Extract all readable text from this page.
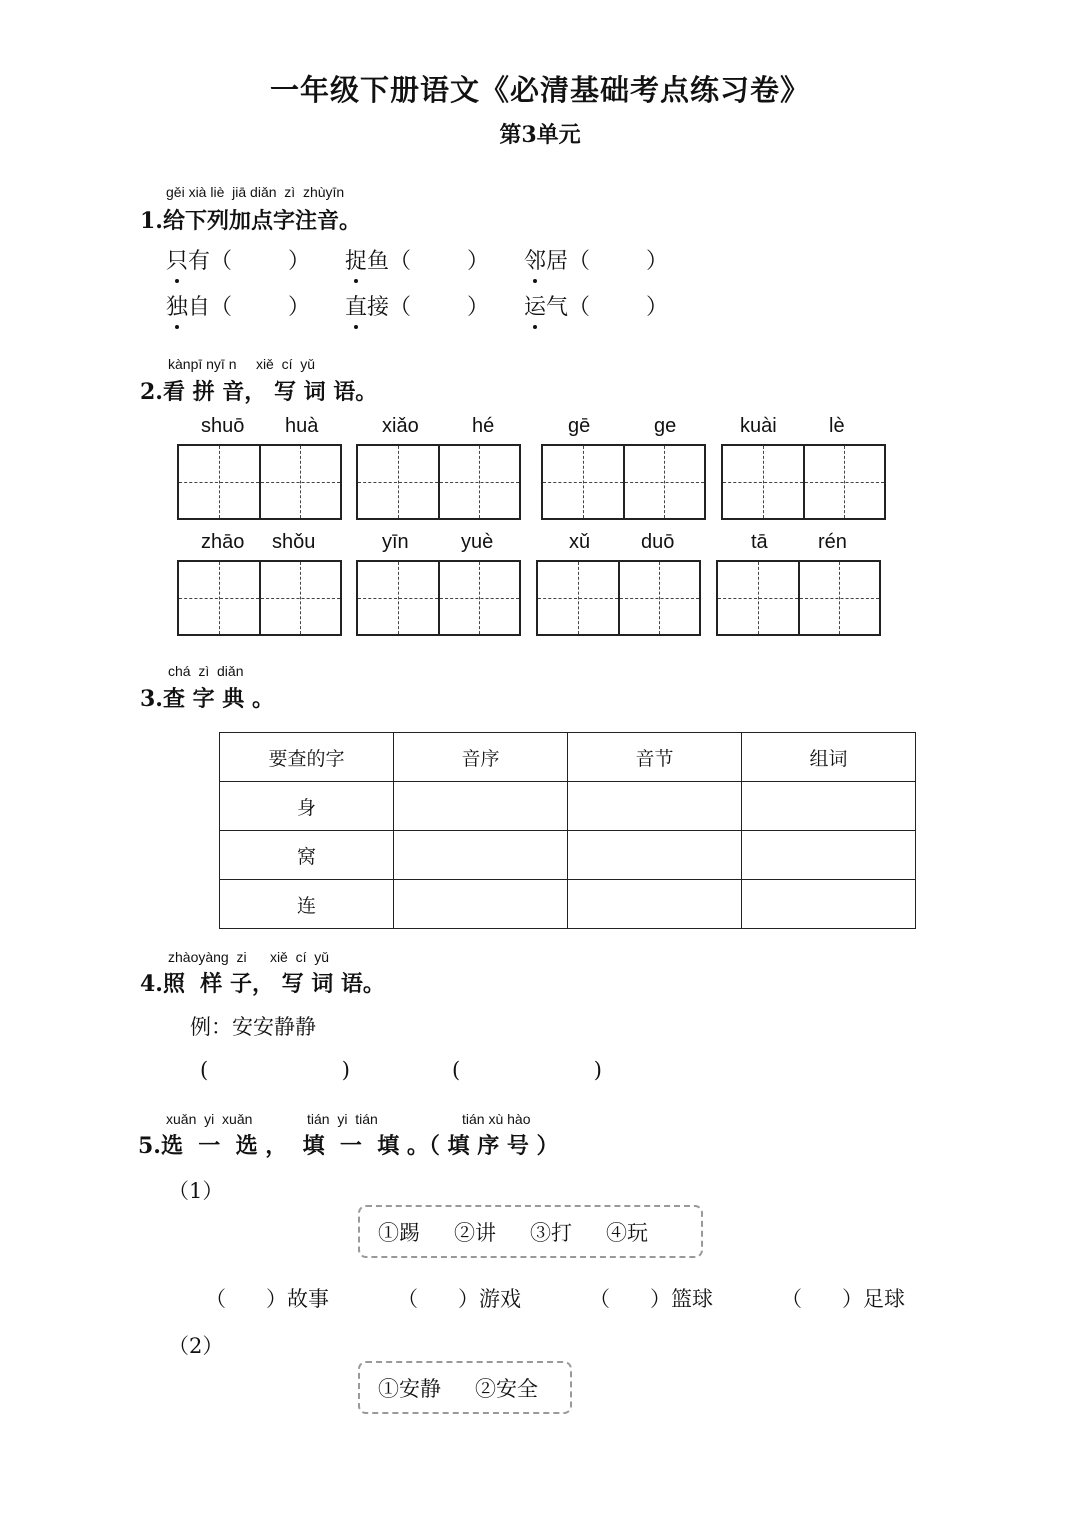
一年级下册语文《必清基础考点练习卷》
第3单元
gěi xià liè  jiā diǎn  zì  zhùyīn
1.给下列加点字注音。
只有（        ） 捉鱼（        ） 邻居（        ）
独自（        ） 直接（        ） 运气（        ）
kànpī nyī n     xiě  cí  yǔ
2.看 拼 音， 写 词 语。
shuō huà	xiǎo	hé	gē	ge	kuài	lè
zhāo shǒu	yīn	yuè	xǔ	duō	tā	rén
chá  zì  diǎn
3.查 字 典 。
要查的字	音序	音节	组词
身			
窝			
连			
zhàoyàng  zi      xiě  cí  yǔ
4.照  样 子， 写 词 语。
例：安安静静
(                    )	(                    )
xuǎn  yi  xuǎn	tián  yi  tián	tián xù hào
5.选  一  选 ，  填  一  填 。（ 填 序 号 ）
（1）
①踢 ②讲 ③打 ④玩
（      ）故事	（      ）游戏	（      ）篮球	（      ）足球
（2）
①安静 ②安全
